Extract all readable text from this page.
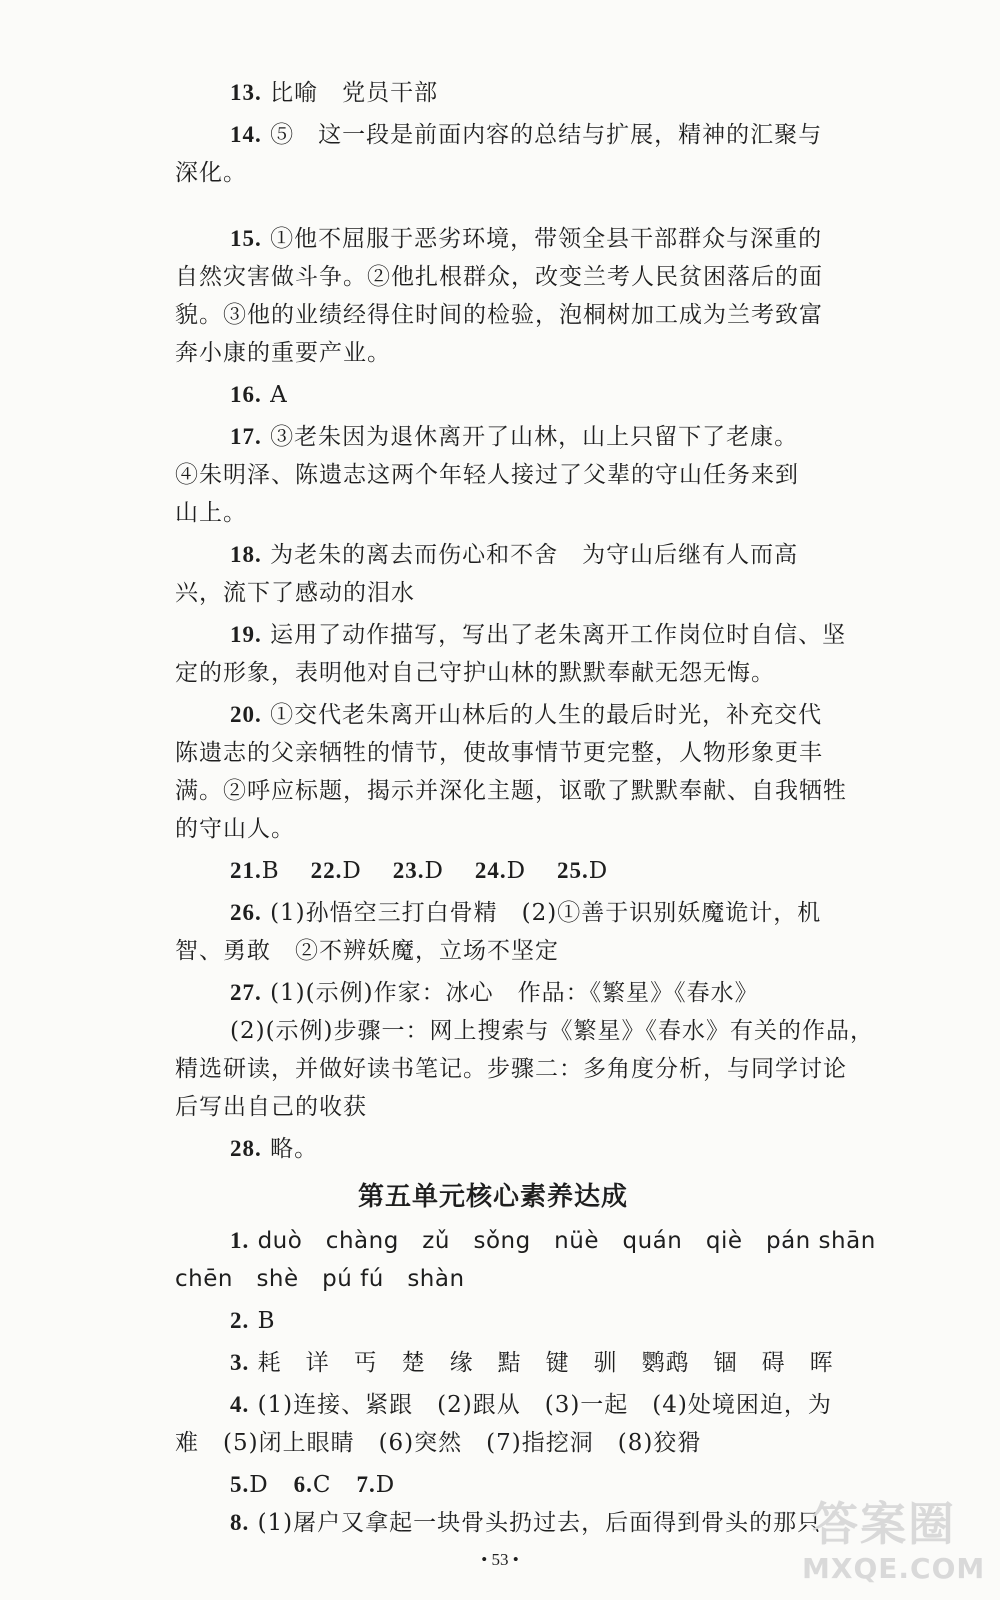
13. 比喻　党员干部
14. ⑤　这一段是前面内容的总结与扩展，精神的汇聚与
深化。
15. ①他不屈服于恶劣环境，带领全县干部群众与深重的
自然灾害做斗争。②他扎根群众，改变兰考人民贫困落后的面
貌。③他的业绩经得住时间的检验，泡桐树加工成为兰考致富
奔小康的重要产业。
16. A
17. ③老朱因为退休离开了山林，山上只留下了老康。
④朱明泽、陈遗志这两个年轻人接过了父辈的守山任务来到
山上。
18. 为老朱的离去而伤心和不舍　为守山后继有人而高
兴，流下了感动的泪水
19. 运用了动作描写，写出了老朱离开工作岗位时自信、坚
定的形象，表明他对自己守护山林的默默奉献无怨无悔。
20. ①交代老朱离开山林后的人生的最后时光，补充交代
陈遗志的父亲牺牲的情节，使故事情节更完整，人物形象更丰
满。②呼应标题，揭示并深化主题，讴歌了默默奉献、自我牺牲
的守山人。
21.B 22.D 23.D 24.D 25.D
26. (1)孙悟空三打白骨精　(2)①善于识别妖魔诡计，机
智、勇敢　②不辨妖魔，立场不坚定
27. (1)(示例)作家：冰心　作品：《繁星》《春水》
(2)(示例)步骤一：网上搜索与《繁星》《春水》有关的作品，
精选研读，并做好读书笔记。步骤二：多角度分析，与同学讨论
后写出自己的收获
28. 略。
第五单元核心素养达成
1. duò　chàng　zǔ　sǒng　nüè　quán　qiè　pán shān
chēn　shè　pú fú　shàn
2. B
3. 耗　详　丐　楚　缘　黠　键　驯　鹦鹉　锢　碍　晖
4. (1)连接、紧跟　(2)跟从　(3)一起　(4)处境困迫，为
难　(5)闭上眼睛　(6)突然　(7)指挖洞　(8)狡猾
5.D 6.C 7.D
8. (1)屠户又拿起一块骨头扔过去，后面得到骨头的那只
• 53 •
答案圈
MXQE.COM
